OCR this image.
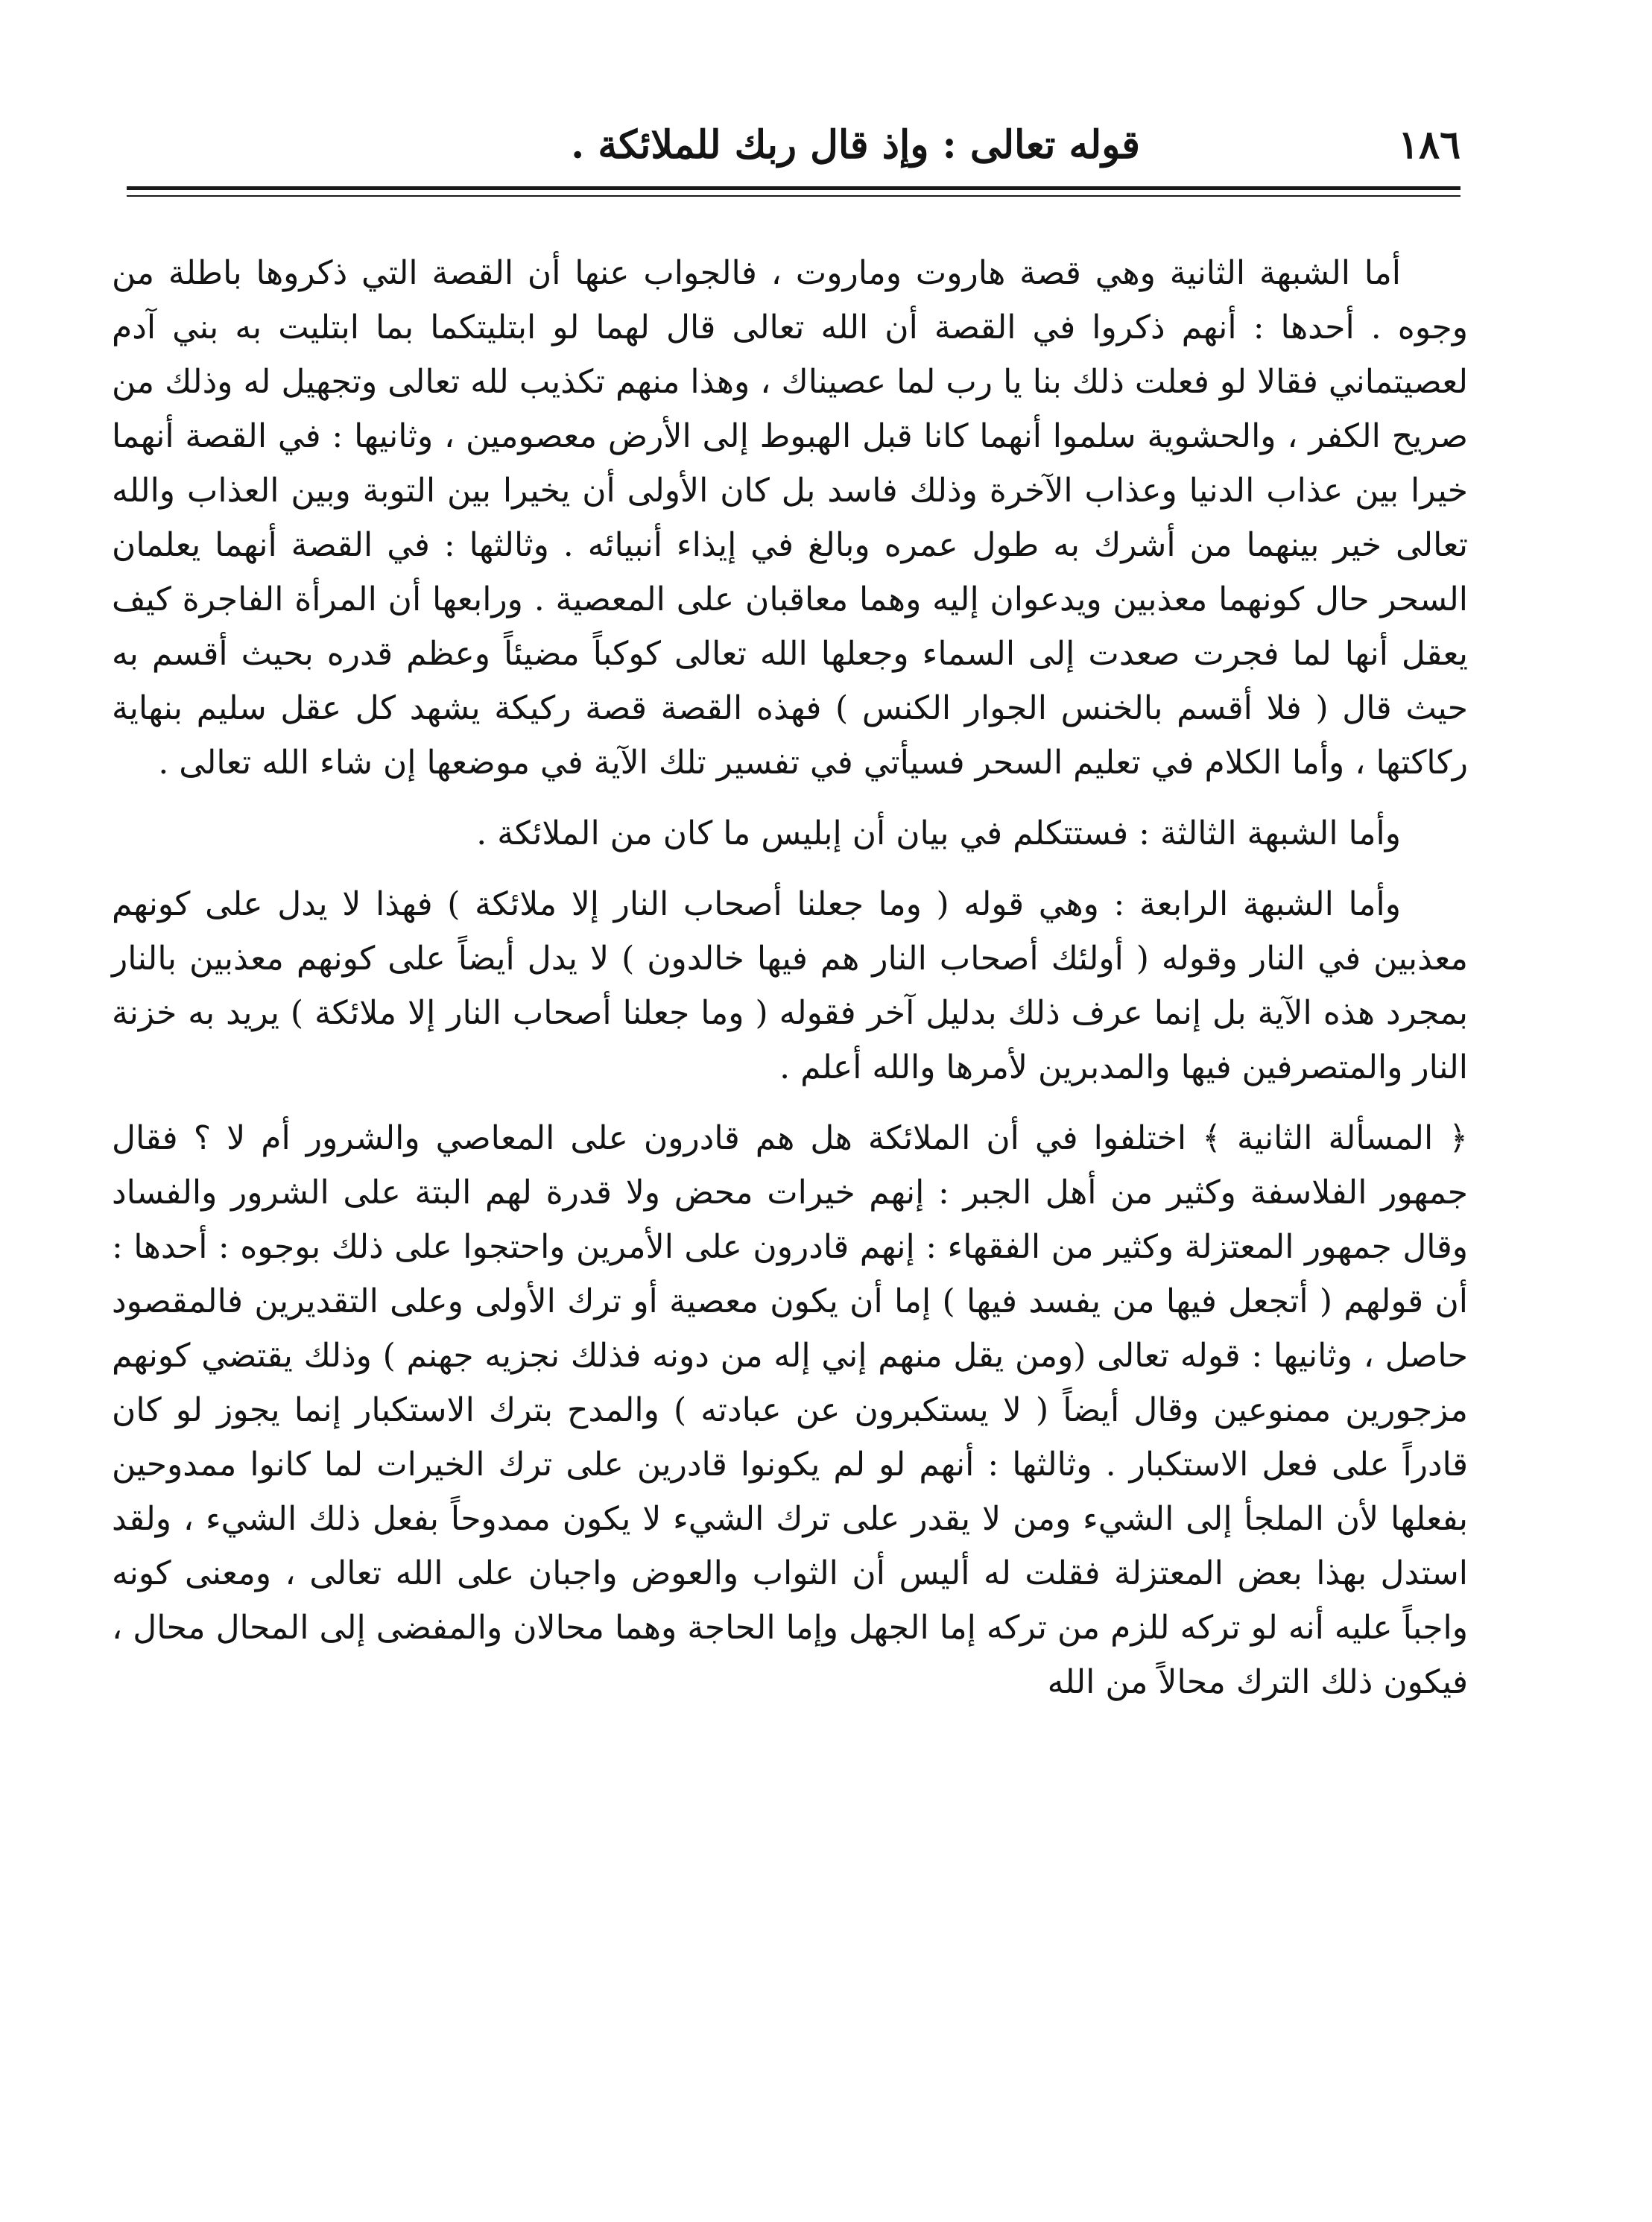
١٨٦
قوله تعالى : وإذ قال ربك للملائكة .

أما الشبهة الثانية وهي قصة هاروت وماروت ، فالجواب عنها أن القصة التي ذكروها باطلة من وجوه . أحدها : أنهم ذكروا في القصة أن الله تعالى قال لهما لو ابتليتكما بما ابتليت به بني آدم لعصيتماني فقالا لو فعلت ذلك بنا يا رب لما عصيناك ، وهذا منهم تكذيب لله تعالى وتجهيل له وذلك من صريح الكفر ، والحشوية سلموا أنهما كانا قبل الهبوط إلى الأرض معصومين ، وثانيها : في القصة أنهما خيرا بين عذاب الدنيا وعذاب الآخرة وذلك فاسد بل كان الأولى أن يخيرا بين التوبة وبين العذاب والله تعالى خير بينهما من أشرك به طول عمره وبالغ في إيذاء أنبيائه . وثالثها : في القصة أنهما يعلمان السحر حال كونهما معذبين ويدعوان إليه وهما معاقبان على المعصية . ورابعها أن المرأة الفاجرة كيف يعقل أنها لما فجرت صعدت إلى السماء وجعلها الله تعالى كوكباً مضيئاً وعظم قدره بحيث أقسم به حيث قال ( فلا أقسم بالخنس الجوار الكنس ) فهذه القصة قصة ركيكة يشهد كل عقل سليم بنهاية ركاكتها ، وأما الكلام في تعليم السحر فسيأتي في تفسير تلك الآية في موضعها إن شاء الله تعالى .

وأما الشبهة الثالثة : فستتكلم في بيان أن إبليس ما كان من الملائكة .

وأما الشبهة الرابعة : وهي قوله ( وما جعلنا أصحاب النار إلا ملائكة ) فهذا لا يدل على كونهم معذبين في النار وقوله ( أولئك أصحاب النار هم فيها خالدون ) لا يدل أيضاً على كونهم معذبين بالنار بمجرد هذه الآية بل إنما عرف ذلك بدليل آخر فقوله ( وما جعلنا أصحاب النار إلا ملائكة ) يريد به خزنة النار والمتصرفين فيها والمدبرين لأمرها والله أعلم .

﴿ المسألة الثانية ﴾ اختلفوا في أن الملائكة هل هم قادرون على المعاصي والشرور أم لا ؟ فقال جمهور الفلاسفة وكثير من أهل الجبر : إنهم خيرات محض ولا قدرة لهم البتة على الشرور والفساد وقال جمهور المعتزلة وكثير من الفقهاء : إنهم قادرون على الأمرين واحتجوا على ذلك بوجوه : أحدها : أن قولهم ( أتجعل فيها من يفسد فيها ) إما أن يكون معصية أو ترك الأولى وعلى التقديرين فالمقصود حاصل ، وثانيها : قوله تعالى (ومن يقل منهم إني إله من دونه فذلك نجزيه جهنم ) وذلك يقتضي كونهم مزجورين ممنوعين وقال أيضاً ( لا يستكبرون عن عبادته ) والمدح بترك الاستكبار إنما يجوز لو كان قادراً على فعل الاستكبار . وثالثها : أنهم لو لم يكونوا قادرين على ترك الخيرات لما كانوا ممدوحين بفعلها لأن الملجأ إلى الشيء ومن لا يقدر على ترك الشيء لا يكون ممدوحاً بفعل ذلك الشيء ، ولقد استدل بهذا بعض المعتزلة فقلت له أليس أن الثواب والعوض واجبان على الله تعالى ، ومعنى كونه واجباً عليه أنه لو تركه للزم من تركه إما الجهل وإما الحاجة وهما محالان والمفضى إلى المحال محال ، فيكون ذلك الترك محالاً من الله
